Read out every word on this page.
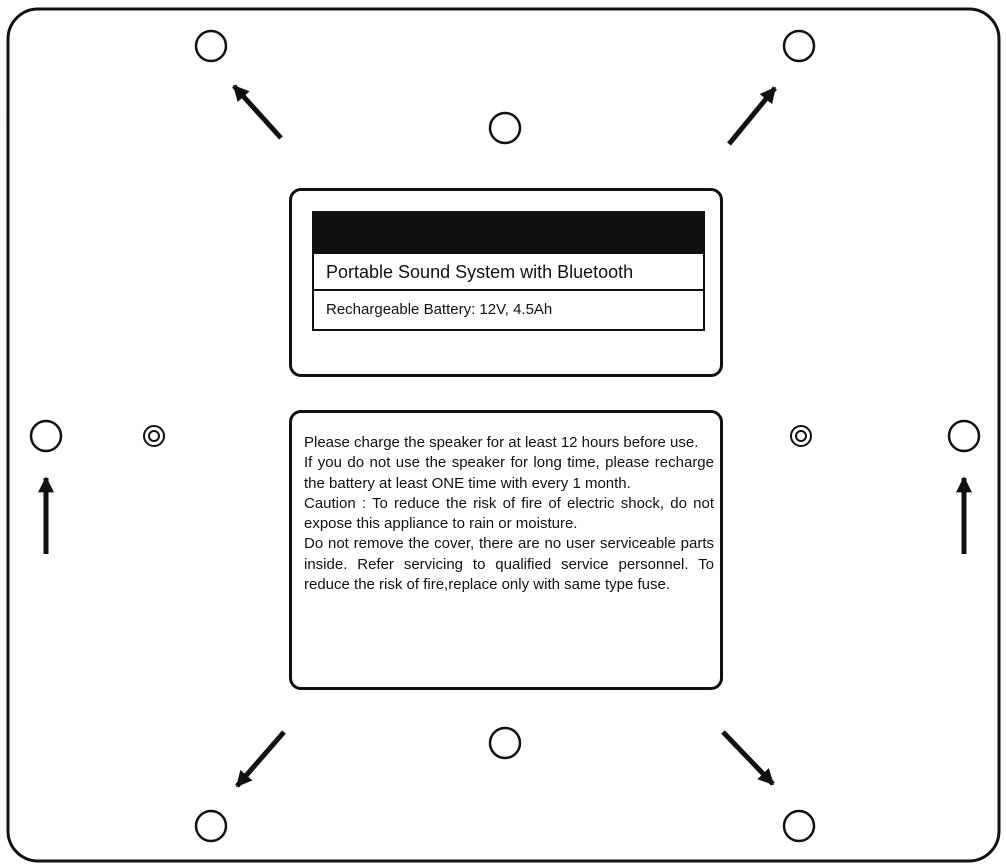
Portable Sound System with Bluetooth
Rechargeable Battery: 12V, 4.5Ah

Please charge the speaker for at least 12 hours before use.

If you do not use the speaker for long time, please recharge the battery at least ONE time with every 1 month.

Caution : To reduce the risk of fire of electric shock, do not expose this appliance to rain or moisture.

Do not remove the cover, there are no user serviceable parts inside. Refer servicing to qualified service personnel. To reduce the risk of fire,replace only with same type fuse.
